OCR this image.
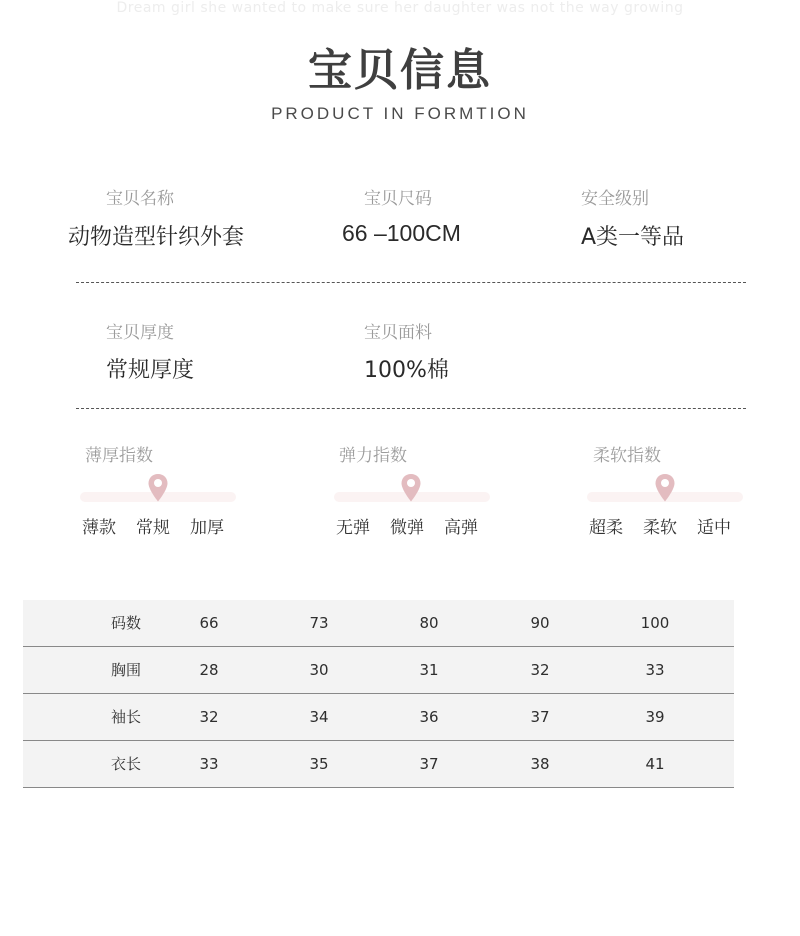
Dream girl she wanted to make sure her daughter was not the way growing
宝贝信息
PRODUCT IN FORMTION
宝贝名称
动物造型针织外套
宝贝尺码
66 –100CM
安全级别
A类一等品
宝贝厚度
常规厚度
宝贝面料
100%棉
薄厚指数
薄款 常规 加厚
弹力指数
无弹 微弹 高弹
柔软指数
超柔 柔软 适中
码数	66	73	80	90	100
胸围	28	30	31	32	33
袖长	32	34	36	37	39
衣长	33	35	37	38	41
